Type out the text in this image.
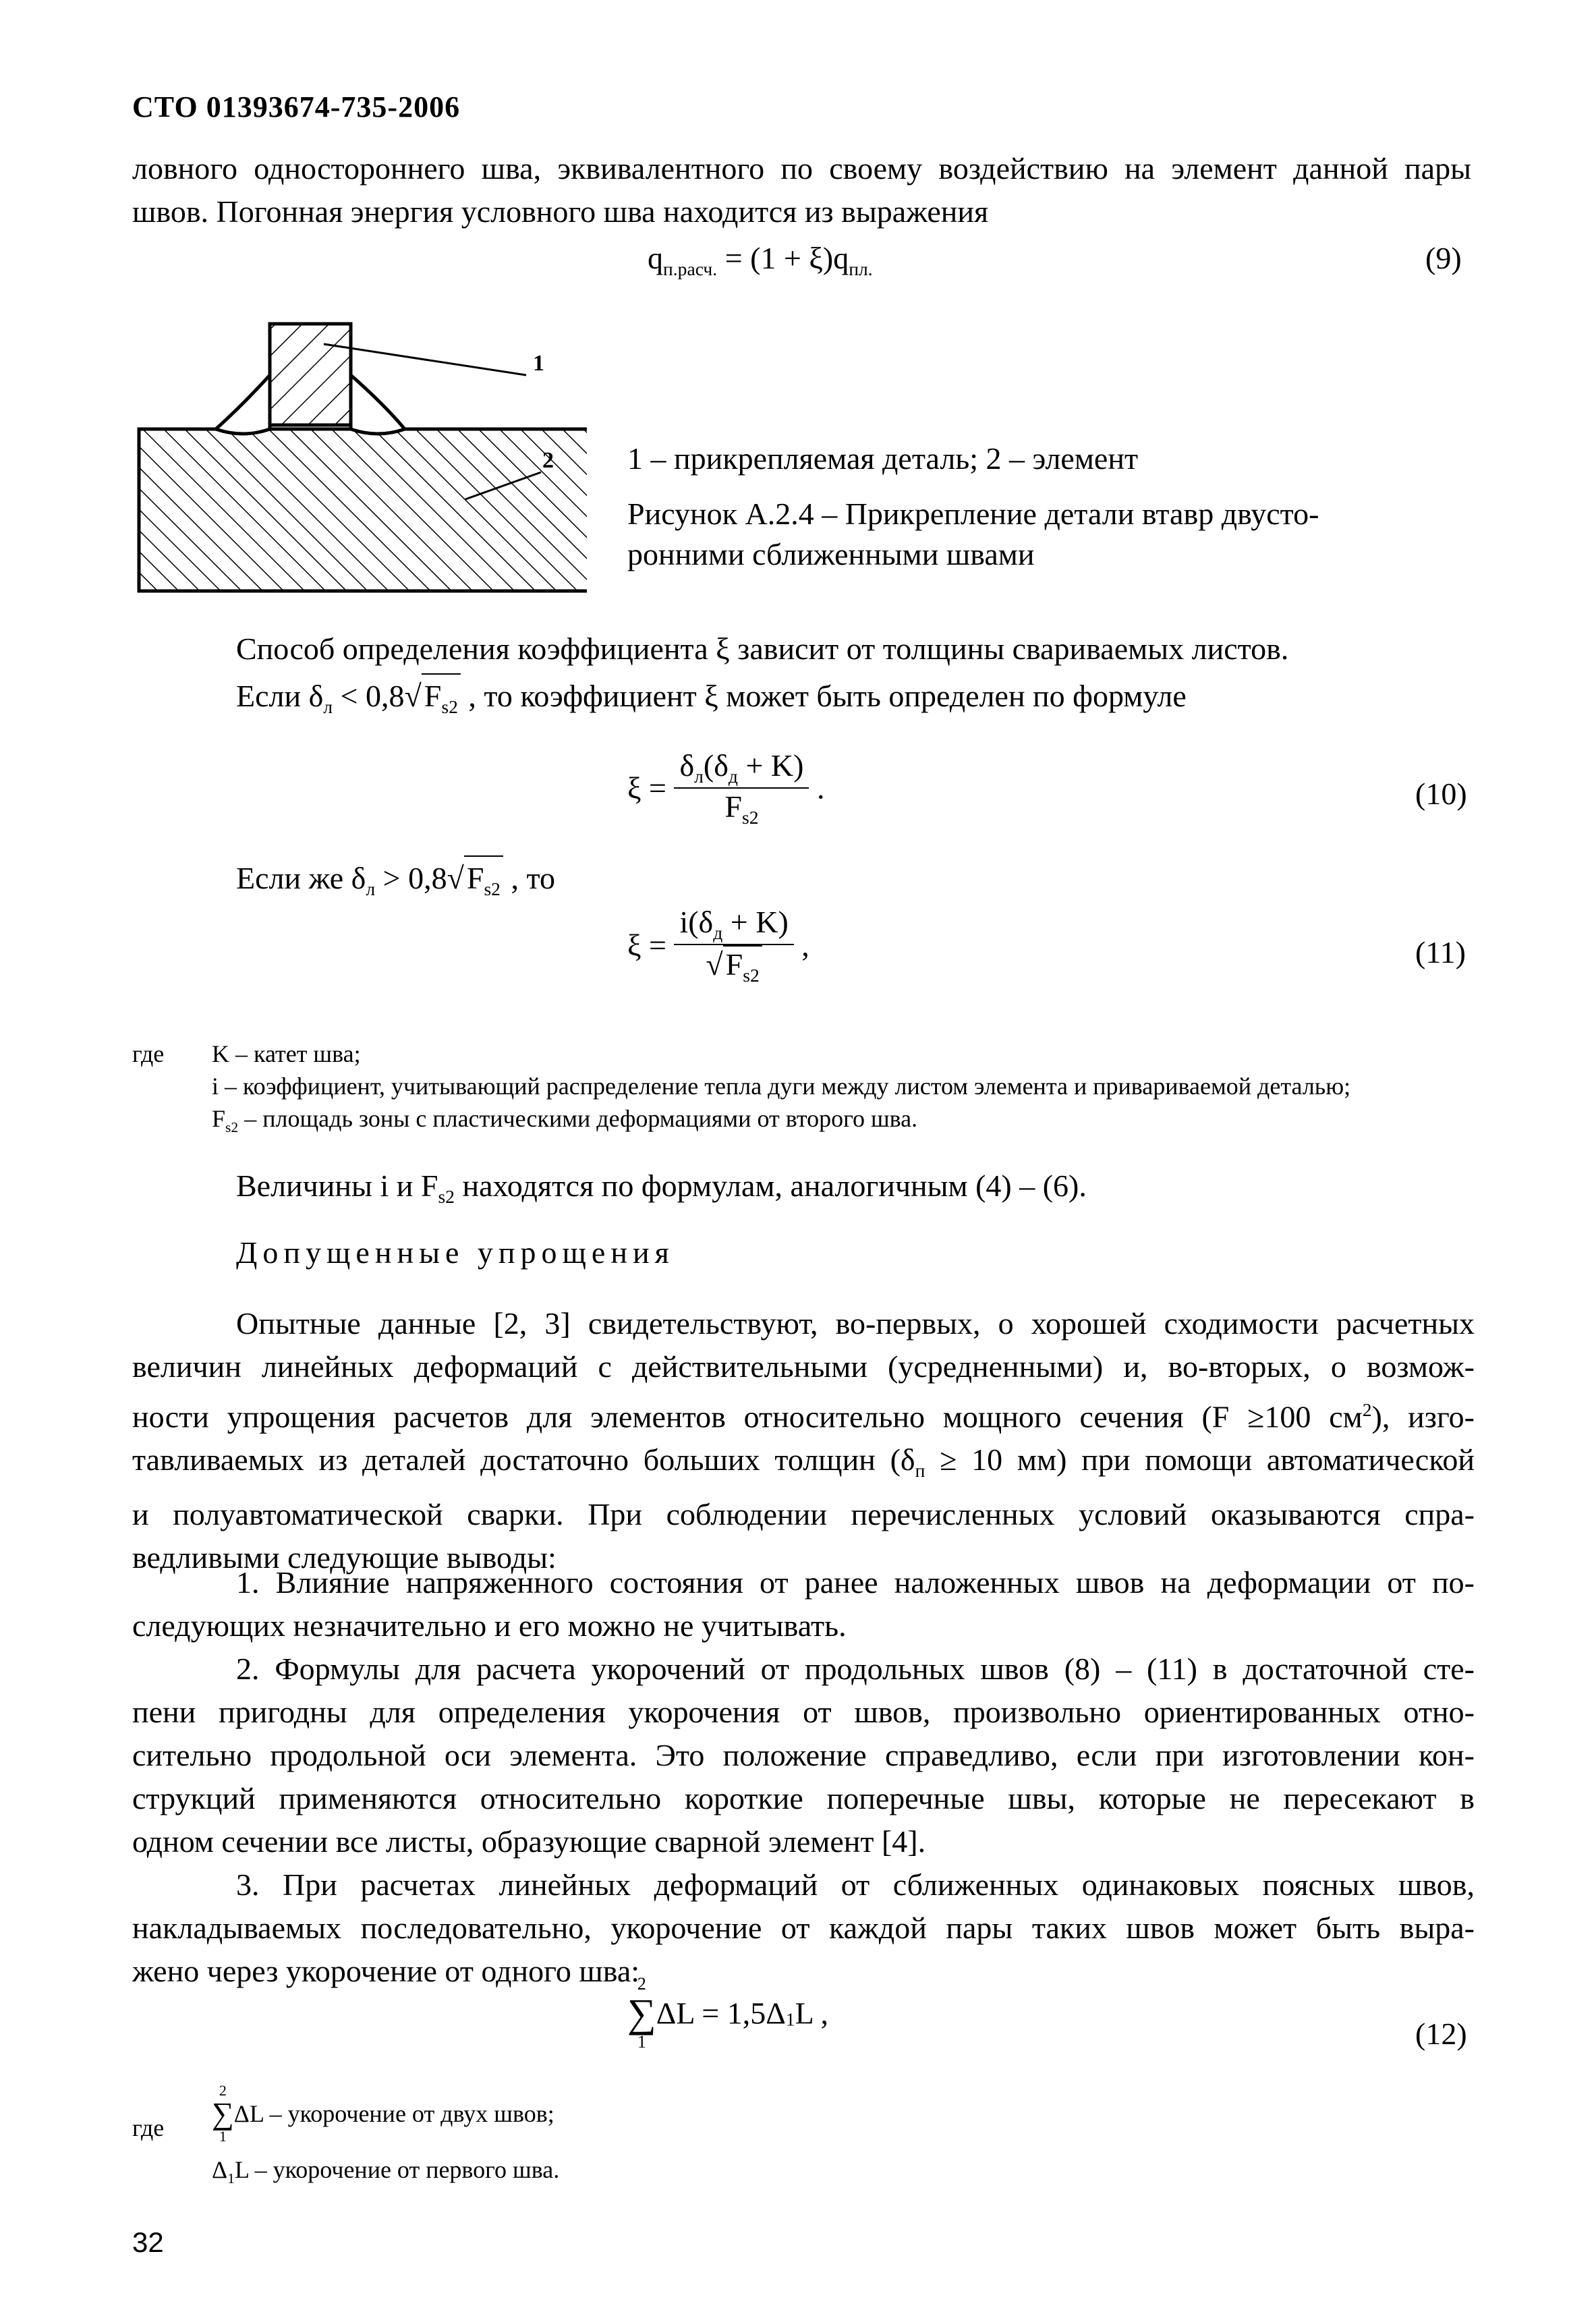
СТО 01393674-735-2006
ловного одностороннего шва, эквивалентного по своему воздействию на элемент данной пары
швов. Погонная энергия условного шва находится из выражения
$q_{п.расч.} = (1 + \xi)q_{пл.}$	(9)
1
2 1 – прикрепляемая деталь; 2 – элемент
Рисунок А.2.4 – Прикрепление детали втавр двусто-
ронними сближенными швами
Способ определения коэффициента ξ зависит от толщины свариваемых листов.
Если $\delta_л < 0,8√F_{s2}$ , то коэффициент ξ может быть определен по формуле
$\xi = \frac{\delta_л(\delta_д + K)}{F_{s2}}$ .	(10)
Если же $\delta_л > 0,8√F_{s2}$ , то
$\xi = \frac{i(\delta_д + K)}{√F_{s2}}$ ,	(11)
где K – катет шва;
i – коэффициент, учитывающий распределение тепла дуги между листом элемента и привариваемой деталью;
$F_{s2}$ – площадь зоны с пластическими деформациями от второго шва.
Величины i и $F_{s2}$ находятся по формулам, аналогичным (4) – (6).
Допущенные упрощения
Опытные данные [2, 3] свидетельствуют, во-первых, о хорошей сходимости расчетных
величин линейных деформаций с действительными (усредненными) и, во-вторых, о возмож-
ности упрощения расчетов для элементов относительно мощного сечения (F ≥100 $см^2$), изго-
тавливаемых из деталей достаточно больших толщин ($\delta_п \ge 10$ мм) при помощи автоматической
и полуавтоматической сварки. При соблюдении перечисленных условий оказываются спра-
ведливыми следующие выводы:
1. Влияние напряженного состояния от ранее наложенных швов на деформации от по-
следующих незначительно и его можно не учитывать.
2. Формулы для расчета укорочений от продольных швов (8) – (11) в достаточной сте-
пени пригодны для определения укорочения от швов, произвольно ориентированных отно-
сительно продольной оси элемента. Это положение справедливо, если при изготовлении кон-
струкций применяются относительно короткие поперечные швы, которые не пересекают в
одном сечении все листы, образующие сварной элемент [4].
3. При расчетах линейных деформаций от сближенных одинаковых поясных швов,
накладываемых последовательно, укорочение от каждой пары таких швов может быть выра-
жено через укорочение от одного шва:
2
∑
1
$\Delta L = 1,5\Delta_1L$ ,
(12)
где
2
∑
1
ΔL – укорочение от двух швов;
$\Delta_1L$ – укорочение от первого шва.
32
